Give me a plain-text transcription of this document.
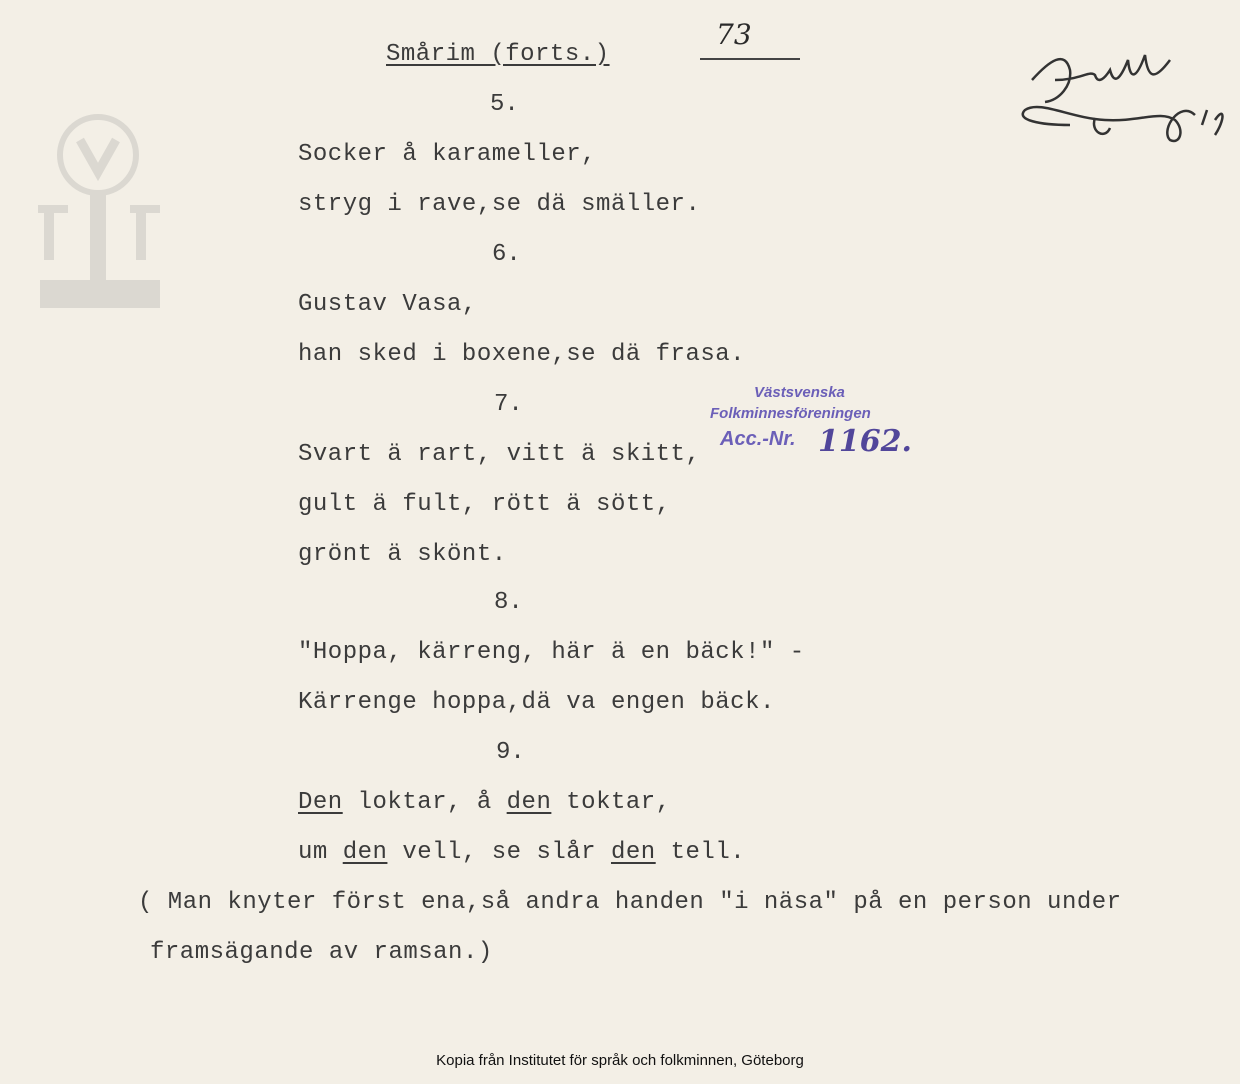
73
Smårim (forts.)
5.
Socker å karameller,
stryg i rave,se dä smäller.
6.
Gustav Vasa,
han sked i boxene,se dä frasa.
7.
Svart ä rart, vitt ä skitt,
gult ä fult, rött ä sött,
grönt ä skönt.
8.
"Hoppa, kärreng, här ä en bäck!" -
Kärrenge hoppa,dä va engen bäck.
9.
Den loktar, å den toktar,
um den vell, se slår den tell.
( Man knyter först ena,så andra handen "i näsa" på en person under
framsägande av ramsan.)
Västsvenska
Folkminnesföreningen
Acc.-Nr. 1162.
Kopia från Institutet för språk och folkminnen, Göteborg
